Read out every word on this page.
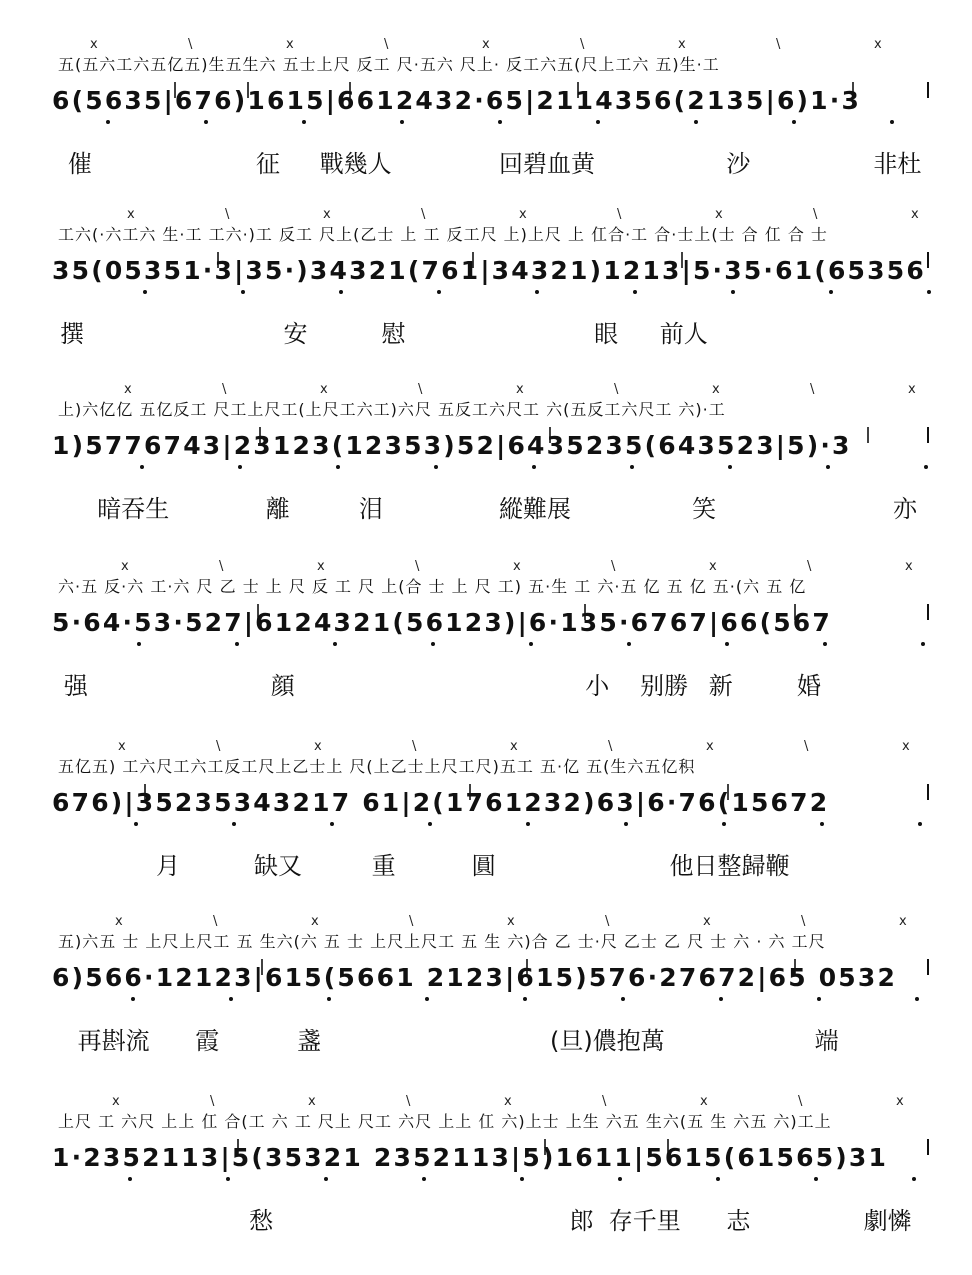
x	\	x	\	x	\	x	\	x
五(五六工六五亿五)生五生六 五士上尺 反工 尺·五六 尺上· 反工六五(尺上工六 五)生·工
6(5635|676)1615|6612432·65|2114356(2135|6)1·3
催	征 戰幾人	回碧血黄	沙	非杜
x	\	x	\	x	\	x	\	x
工六(·六工六 生·工 工六·)工 反工 尺上(乙士 上 工 反工尺 上)上尺 上 仜合·工 合·士上(士 合 仜 合 士
35(05351·3|35·)34321(761|34321)1213|5·35·61(65356
撰	安	慰	眼 前人
x	\	x	\	x	\	x	\	x
上)六亿亿 五亿反工 尺工上尺工(上尺工六工)六尺 五反工六尺工 六(五反工六尺工 六)·工
1)5776743|23123(12353)52|6435235(643523|5)·3
暗吞生	離	泪	縱難展	笑	亦
x	\	x	\	x	\	x	\	x
六·五 反·六 工·六 尺 乙 士 上 尺 反 工 尺 上(合 士 上 尺 工) 五·生 工 六·五 亿 五 亿 五·(六 五 亿
5·64·53·527|6124321(56123)|6·135·6767|66(567
强	顔	小 别勝 新	婚
x	\	x	\	x	\	x	\	x
五亿五) 工六尺工六工反工尺上乙士上 尺(上乙士上尺工尺)五工 五·亿 五(生六五亿积
676)|35235343217 61|2(1761232)63|6·76(15672
月	缺又	重	圓	他日整歸鞭
x	\	x	\	x	\	x	\	x
五)六五 士 上尺上尺工 五 生六(六 五 士 上尺上尺工 五 生 六)合 乙 士·尺 乙士 乙 尺 士 六 · 六 工尺
6)566·12123|615(5661 2123|615)576·27672|65 0532
再斟流 霞	盞	(旦)儂抱萬	端
x	\	x	\	x	\	x	\	x
上尺 工 六尺 上上 仜 合(工 六 工 尺上 尺工 六尺 上上 仜 六)上士 上生 六五 生六(五 生 六五 六)工上
1·2352113|5(35321 2352113|5)1611|5615(61565)31
愁	郎 存千里 志	劇憐
